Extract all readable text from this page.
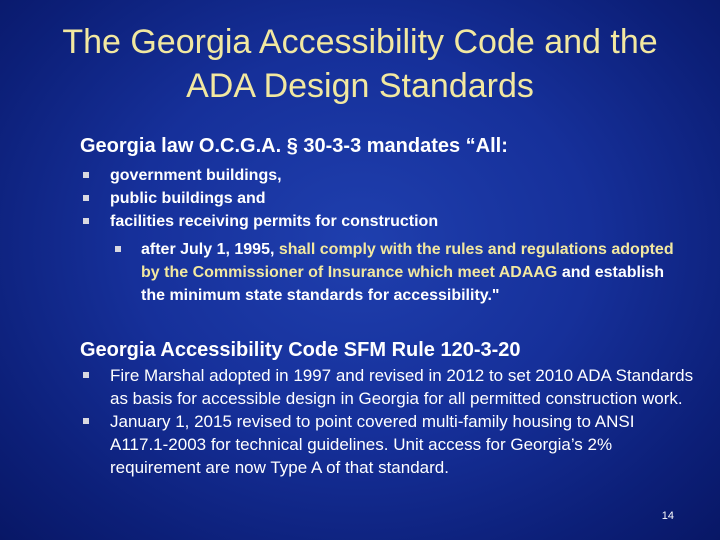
The Georgia Accessibility Code and the
ADA Design Standards
Georgia law O.C.G.A. § 30-3-3 mandates “All:
government buildings,
public buildings and
facilities receiving permits for construction
after July 1, 1995, shall comply with the rules and regulations adopted by the Commissioner of Insurance which meet ADAAG and establish the minimum state standards for accessibility."
Georgia Accessibility Code SFM Rule 120-3-20
Fire Marshal adopted in 1997 and revised in 2012 to set 2010 ADA Standards as basis for accessible design in Georgia for all permitted construction work.
January 1, 2015 revised to point covered multi-family housing to ANSI A117.1-2003 for technical guidelines. Unit access for Georgia’s 2% requirement are now Type A of that standard.
14
